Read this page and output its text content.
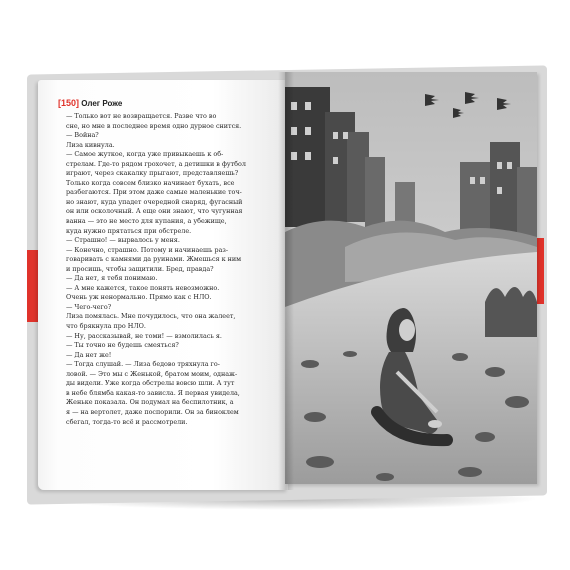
[150] Олег Роже

— Только вот не возвращается. Разве что во

сне, но мне в последнее время одно дурное снится.

— Война?

Лиза кивнула.

— Самое жуткое, когда уже привыкаешь к об-

стрелам. Где-то рядом грохочет, а детишки в футбол

играют, через скакалку прыгают, представляешь?

Только когда совсем близко начинает бухать, все

разбегаются. При этом даже самые маленькие точ-

но знают, куда упадет очередной снаряд, фугасный

он или осколочный. А еще они знают, что чугунная

ванна — это не место для купания, а убежище,

куда нужно прятаться при обстреле.

— Страшно! — вырвалось у меня.

— Конечно, страшно. Потому и начинаешь раз-

говаривать с камнями да руинами. Жмешься к ним

и просишь, чтобы защитили. Бред, правда?

— Да нет, я тебя понимаю.

— А мне кажется, такое понять невозможно.

Очень уж ненормально. Прямо как с НЛО.

— Чего-чего?

Лиза помялась. Мне почудилось, что она жалеет,

что брякнула про НЛО.

— Ну, рассказывай, не томи! — взмолилась я.

— Ты точно не будешь смеяться?

— Да нет же!

— Тогда слушай. — Лиза бедово тряхнула го-

ловой. — Это мы с Женькой, братом моим, однаж-

ды видели. Уже когда обстрелы вовсю шли. А тут

в небе блямба какая-то зависла. Я первая увидела,

Женьке показала. Он подумал на беспилотник, а

я — на вертолет, даже поспорили. Он за биноклем

сбегал, тогда-то всё и рассмотрели.
